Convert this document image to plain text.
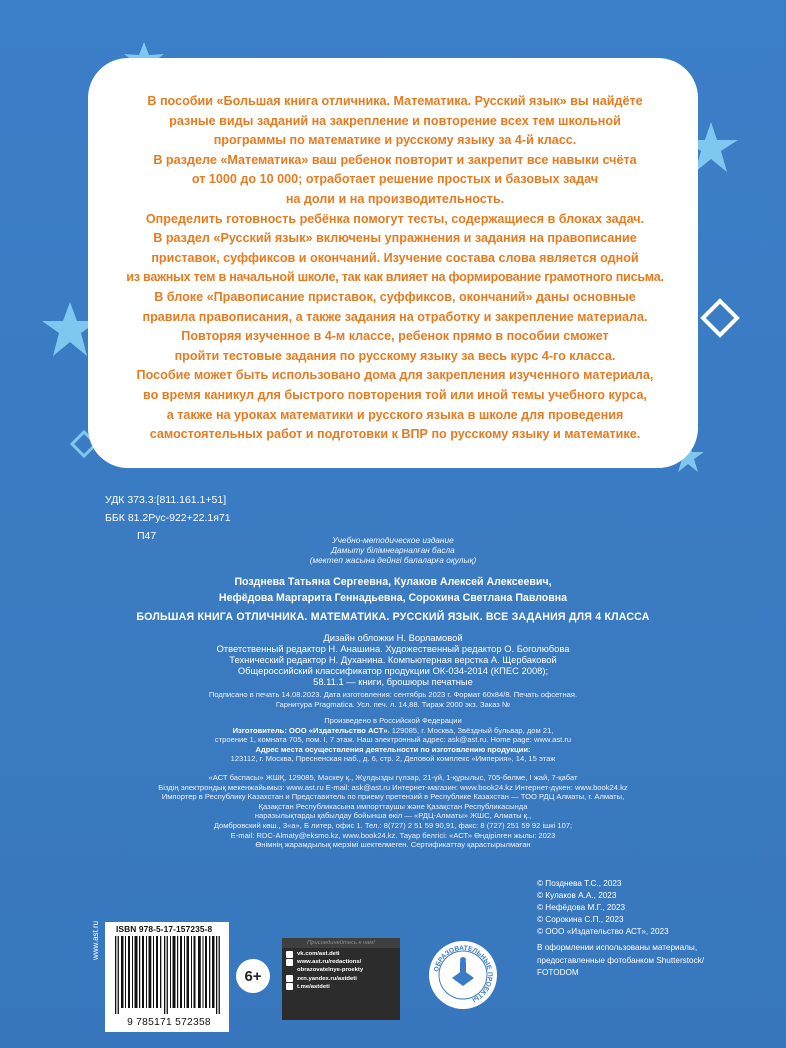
В пособии «Большая книга отличника. Математика. Русский язык» вы найдёте

разные виды заданий на закрепление и повторение всех тем школьной

программы по математике и русскому языку за 4-й класс.

В разделе «Математика» ваш ребенок повторит и закрепит все навыки счёта

от 1000 до 10 000; отработает решение простых и базовых задач

на доли и на производительность.

Определить готовность ребёнка помогут тесты, содержащиеся в блоках задач.

В раздел «Русский язык» включены упражнения и задания на правописание

приставок, суффиксов и окончаний. Изучение состава слова является одной

из важных тем в начальной школе, так как влияет на формирование грамотного письма.

В блоке «Правописание приставок, суффиксов, окончаний» даны основные

правила правописания, а также задания на отработку и закрепление материала.

Повторяя изученное в 4-м классе, ребенок прямо в пособии сможет

пройти тестовые задания по русскому языку за весь курс 4-го класса.

Пособие может быть использовано дома для закрепления изученного материала,

во время каникул для быстрого повторения той или иной темы учебного курса,

а также на уроках математики и русского языка в школе для проведения

самостоятельных работ и подготовки к ВПР по русскому языку и математике.

УДК 373.3:[811.161.1+51]
ББК 81.2Рус-922+22.1я71
П47	Учебно-методическое издание
Дамыту бiлiмнеарналған басла
(мектеп жасына дейнгi балаларға оқулық)
Позднева Татьяна Сергеевна, Кулаков Алексей Алексеевич,
Нефёдова Маргарита Геннадьевна, Сорокина Светлана Павловна
БОЛЬШАЯ КНИГА ОТЛИЧНИКА. МАТЕМАТИКА. РУССКИЙ ЯЗЫК. ВСЕ ЗАДАНИЯ ДЛЯ 4 КЛАССА
Дизайн обложки Н. Ворламовой
Ответственный редактор Н. Анашина. Художественный редактор О. Боголюбова
Технический редактор Н. Духанина. Компьютерная верстка А. Щербаковой
Общероссийский классификатор продукции ОК-034-2014 (КПЕС 2008);
58.11.1 — книги, брошюры печатные
Подписано в печать 14.08.2023. Дата изготовления: сентябрь 2023 г. Формат 60х84/8. Печать офсетная.
Гарнитура Pragmatica. Усл. печ. л. 14,88. Тираж 2000 экз. Заказ №
Произведено в Российской Федерации
Изготовитель: ООО «Издательство АСТ». 129085, г. Москва, Звёздный бульвар, дом 21,
строение 1, комната 705, пом. I, 7 этаж. Наш электронный адрес: ask@ast.ru. Home page: www.ast.ru
Адрес места осуществления деятельности по изготовлению продукции:
123112, г. Москва, Пресненская наб., д. 6, стр. 2, Деловой комплекс «Империя», 14, 15 этаж
«АСТ баспасы» ЖШҚ, 129085, Мәскеу қ., Жұлдызды гүлзар, 21-үй, 1-құрылыс, 705-бөлме, I жай, 7-қабат
Біздің электрондық мекенжайымыз: www.ast.ru E-mail: ask@ast.ru Интернет-магазин: www.book24.kz Интернет-дүкен: www.book24.kz
Импортер в Республику Казахстан и Представитель по приему претензий в Республике Казахстан — ТОО РДЦ Алматы, г. Алматы,
Қазақстан Республикасына импорттаушы және Қазақстан Республикасында
наразылықтарды қабылдау бойынша өкіл — «РДЦ-Алматы» ЖШС, Алматы қ.,
Домбровский көш., 3«а», Б литер, офис 1. Тел.: 8(727) 2 51 59 90,91, факс: 8 (727) 251 59 92 ішкі 107;
E-mail: RDC-Almaty@eksmo.kz, www.book24.kz. Тауар белгісі: «АСТ» Өндірілген жылы: 2023
Өнімнің жарамдылық мерзімі шектелмеген. Сертификаттау қарастырылмаған
© Позднева Т.С., 2023
© Кулаков А.А., 2023
© Нефёдова М.Г., 2023
© Сорокина С.П., 2023
© ООО «Издательство АСТ», 2023
В оформлении использованы материалы,
предоставленные фотобанком Shutterstock/
FOTODOM
www.ast.ru ISBN 978-5-17-157235-8
9 785171 572358
6+
Присоединяйтесь к нам!
vk.com/ast.deti
www.ast.ru/redactions/
obrazovatelnye-proekty
zen.yandex.ru/astdeti
t.me/astdeti
ОБРАЗОВАТЕЛЬНЫЕ ПРОЕКТЫ
